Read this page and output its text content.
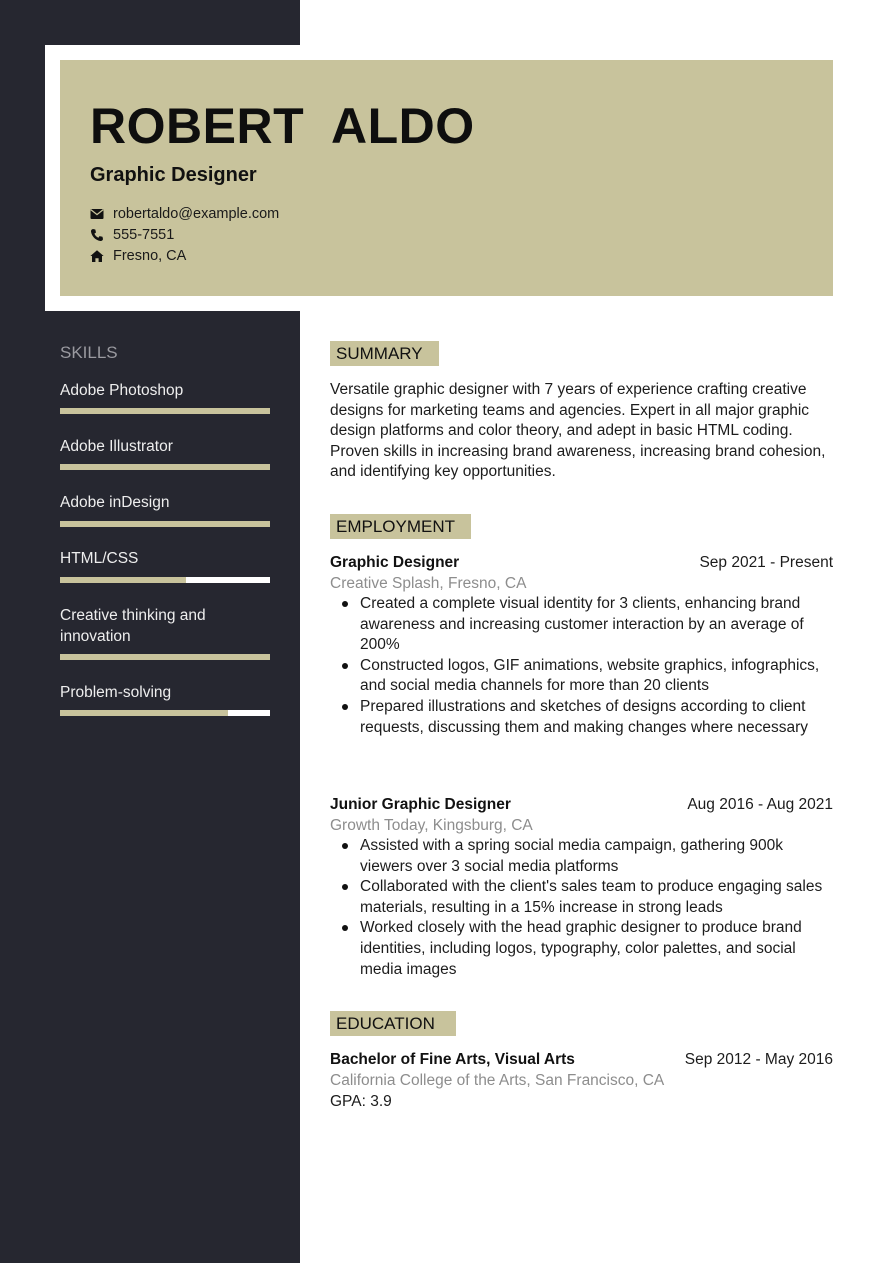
ROBERT  ALDO
Graphic Designer
robertaldo@example.com
555-7551
Fresno, CA
SKILLS
Adobe Photoshop
Adobe Illustrator
Adobe inDesign
HTML/CSS
Creative thinking and innovation
Problem-solving
SUMMARY
Versatile graphic designer with 7 years of experience crafting creative designs for marketing teams and agencies. Expert in all major graphic design platforms and color theory, and adept in basic HTML coding. Proven skills in increasing brand awareness, increasing brand cohesion, and identifying key opportunities.
EMPLOYMENT
Graphic Designer	Sep 2021 - Present
Creative Splash, Fresno, CA
Created a complete visual identity for 3 clients, enhancing brand awareness and increasing customer interaction by an average of 200%
Constructed logos, GIF animations, website graphics, infographics, and social media channels for more than 20 clients
Prepared illustrations and sketches of designs according to client requests, discussing them and making changes where necessary
Junior Graphic Designer	Aug 2016 - Aug 2021
Growth Today, Kingsburg, CA
Assisted with a spring social media campaign, gathering 900k viewers over 3 social media platforms
Collaborated with the client's sales team to produce engaging sales materials, resulting in a 15% increase in strong leads
Worked closely with the head graphic designer to produce brand identities, including logos, typography, color palettes, and social media images
EDUCATION
Bachelor of Fine Arts, Visual Arts	Sep 2012 - May 2016
California College of the Arts, San Francisco, CA
GPA: 3.9
